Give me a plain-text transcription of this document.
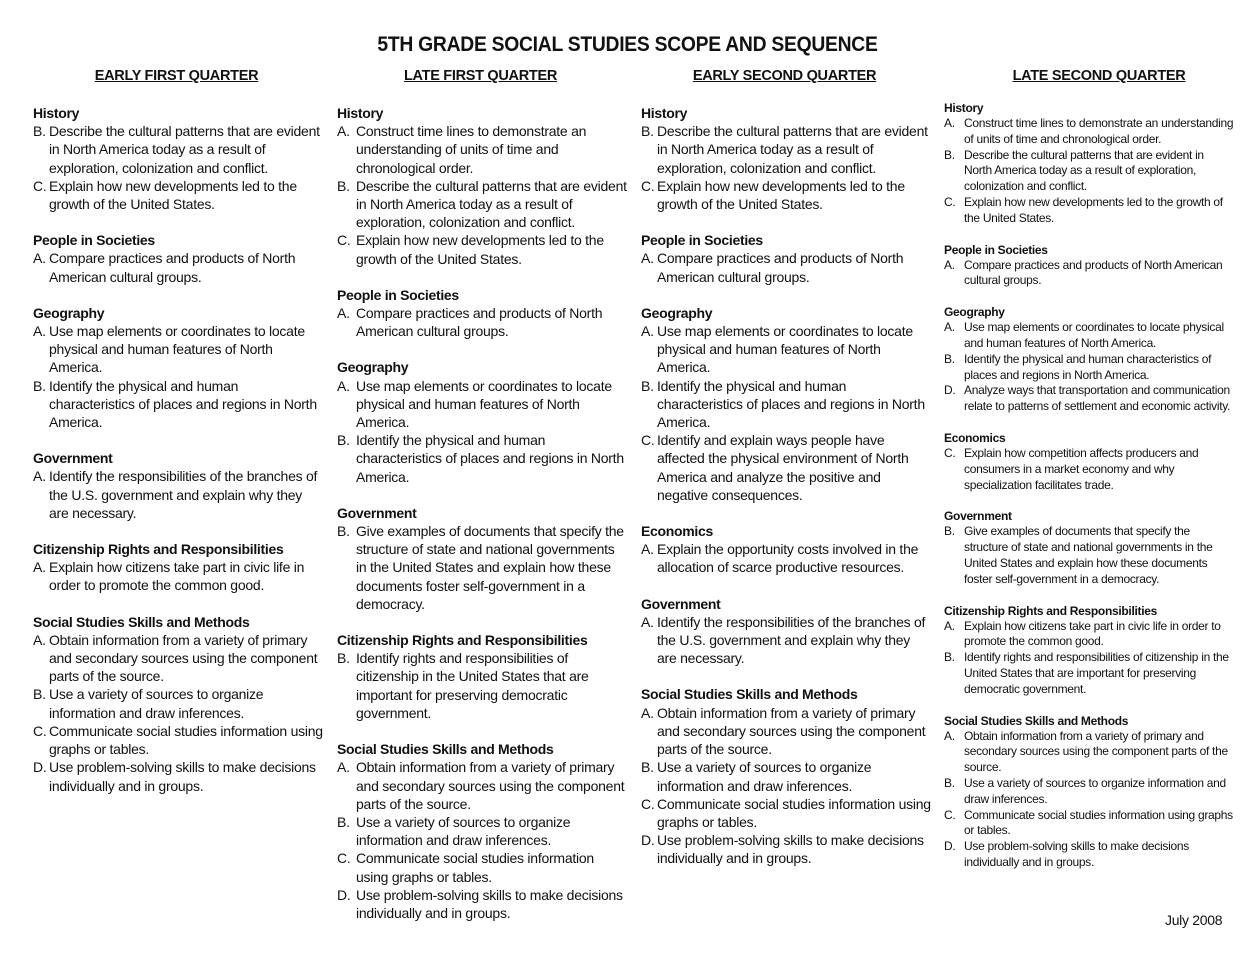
5TH GRADE SOCIAL STUDIES SCOPE AND SEQUENCE
EARLY FIRST QUARTER
History
B. Describe the cultural patterns that are evident in North America today as a result of exploration, colonization and conflict.
C. Explain how new developments led to the growth of the United States.
People in Societies
A. Compare practices and products of North American cultural groups.
Geography
A. Use map elements or coordinates to locate physical and human features of North America.
B. Identify the physical and human characteristics of places and regions in North America.
Government
A. Identify the responsibilities of the branches of the U.S. government and explain why they are necessary.
Citizenship Rights and Responsibilities
A. Explain how citizens take part in civic life in order to promote the common good.
Social Studies Skills and Methods
A. Obtain information from a variety of primary and secondary sources using the component parts of the source.
B. Use a variety of sources to organize information and draw inferences.
C. Communicate social studies information using graphs or tables.
D. Use problem-solving skills to make decisions individually and in groups.
LATE FIRST QUARTER
History
A. Construct time lines to demonstrate an understanding of units of time and chronological order.
B. Describe the cultural patterns that are evident in North America today as a result of exploration, colonization and conflict.
C. Explain how new developments led to the growth of the United States.
People in Societies
A. Compare practices and products of North American cultural groups.
Geography
A. Use map elements or coordinates to locate physical and human features of North America.
B. Identify the physical and human characteristics of places and regions in North America.
Government
B. Give examples of documents that specify the structure of state and national governments in the United States and explain how these documents foster self-government in a democracy.
Citizenship Rights and Responsibilities
B. Identify rights and responsibilities of citizenship in the United States that are important for preserving democratic government.
Social Studies Skills and Methods
A. Obtain information from a variety of primary and secondary sources using the component parts of the source.
B. Use a variety of sources to organize information and draw inferences.
C. Communicate social studies information using graphs or tables.
D. Use problem-solving skills to make decisions individually and in groups.
EARLY SECOND QUARTER
History
B. Describe the cultural patterns that are evident in North America today as a result of exploration, colonization and conflict.
C. Explain how new developments led to the growth of the United States.
People in Societies
A. Compare practices and products of North American cultural groups.
Geography
A. Use map elements or coordinates to locate physical and human features of North America.
B. Identify the physical and human characteristics of places and regions in North America.
C. Identify and explain ways people have affected the physical environment of North America and analyze the positive and negative consequences.
Economics
A. Explain the opportunity costs involved in the allocation of scarce productive resources.
Government
A. Identify the responsibilities of the branches of the U.S. government and explain why they are necessary.
Social Studies Skills and Methods
A. Obtain information from a variety of primary and secondary sources using the component parts of the source.
B. Use a variety of sources to organize information and draw inferences.
C. Communicate social studies information using graphs or tables.
D. Use problem-solving skills to make decisions individually and in groups.
LATE SECOND QUARTER
History
A. Construct time lines to demonstrate an understanding of units of time and chronological order.
B. Describe the cultural patterns that are evident in North America today as a result of exploration, colonization and conflict.
C. Explain how new developments led to the growth of the United States.
People in Societies
A. Compare practices and products of North American cultural groups.
Geography
A. Use map elements or coordinates to locate physical and human features of North America.
B. Identify the physical and human characteristics of places and regions in North America.
D. Analyze ways that transportation and communication relate to patterns of settlement and economic activity.
Economics
C. Explain how competition affects producers and consumers in a market economy and why specialization facilitates trade.
Government
B. Give examples of documents that specify the structure of state and national governments in the United States and explain how these documents foster self-government in a democracy.
Citizenship Rights and Responsibilities
A. Explain how citizens take part in civic life in order to promote the common good.
B. Identify rights and responsibilities of citizenship in the United States that are important for preserving democratic government.
Social Studies Skills and Methods
A. Obtain information from a variety of primary and secondary sources using the component parts of the source.
B. Use a variety of sources to organize information and draw inferences.
C. Communicate social studies information using graphs or tables.
D. Use problem-solving skills to make decisions individually and in groups.
July 2008
